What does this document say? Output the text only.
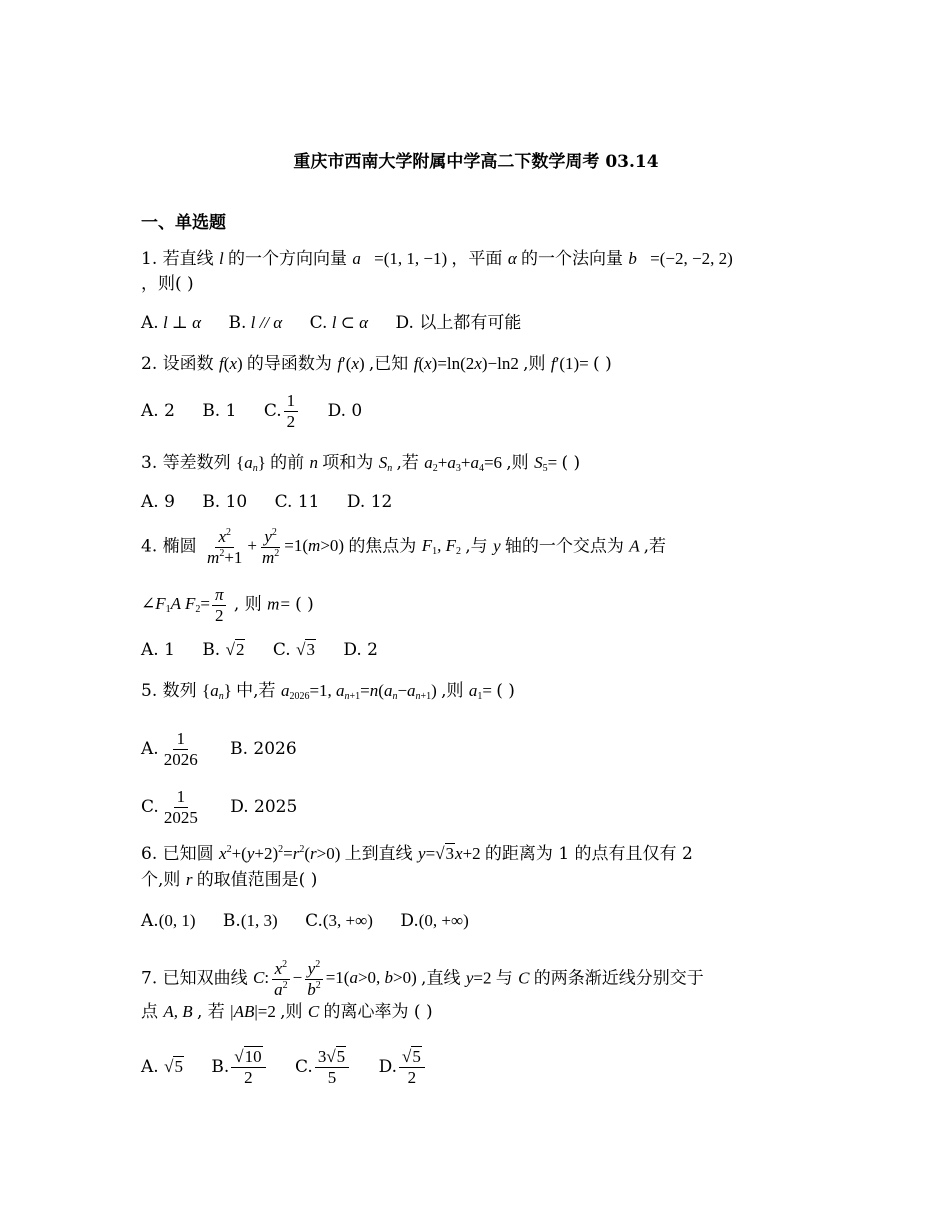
重庆市西南大学附属中学高二下数学周考 03.14
一、单选题
1. 若直线 l 的一个方向向量 a⃗=(1, 1, −1) ，平面 α 的一个法向量 b⃗=(−2, −2, 2)
，则( )
A. l ⊥ α B. l // α C. l ⊂ α D. 以上都有可能
2. 设函数 f(x) 的导函数为 f′(x) ,已知 f(x)=ln(2x)−ln2 ,则 f′(1)= ( )
A. 2 B. 1 C. $\frac{1}{2} D$. 0
3. 等差数列 $\{a_n\}$ 的前 n 项和为 $S_n$ ,若 $a_2+a_3+a_4=6$ ,则 $S_5=$ ( )
A. 9 B. 10 C. 11 D. 12
4. 椭圆 $\frac{x^2}{m^2+1} + \frac{y^2}{m^2} =1(m>0)$ 的焦点为 $F_1$, $F_2$ ,与 y 轴的一个交点为 A ,若
$\angle F_1A$ $F_2= \frac{\pi}{2}$ , 则 m= ( )
A. 1 B. √2 C. √3 D. 2
5. 数列 $\{a_n\}$ 中,若 $a_{2026}=1$, $a_{n+1}=n(a_n-a_{n+1})$ ,则 $a_1=$ ( )
A. $\frac{1}{2026} B$. 2026
C. $\frac{1}{2025} D$. 2025
6. 已知圆 $x^2+(y+2)^2=r^2(r>0)$ 上到直线 y=√3x+2 的距离为 1 的点有且仅有 2
个,则 r 的取值范围是( )
A.(0, 1) B.(1, 3) C.(3, +∞) D.(0, +∞)
7. 已知双曲线 C: $\frac{x^2}{a^2} - \frac{y^2}{b^2} =1(a>0$, b>0) ,直线 y=2 与 C 的两条渐近线分别交于
点 A, B , 若 |AB|=2 ,则 C 的离心率为 ( )
A. √5 B. $\frac{√10}{2} C$. $\frac{3√5}{5} D$. $\frac{√5}{2}$
